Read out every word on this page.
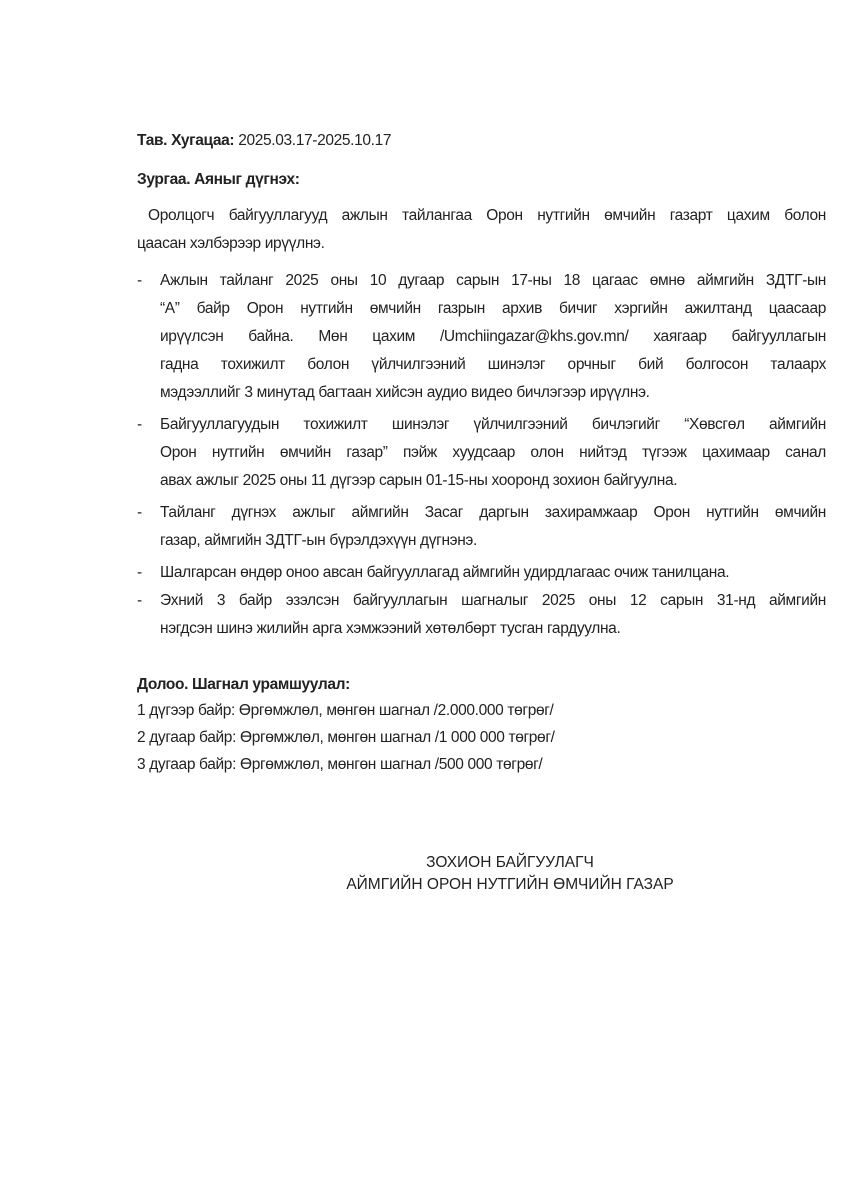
Тав. Хугацаа: 2025.03.17-2025.10.17
Зургаа. Аяныг дүгнэх:
Оролцогч байгууллагууд ажлын тайлангаа Орон нутгийн өмчийн газарт цахим болон
цаасан хэлбэрээр ирүүлнэ.
- Ажлын тайланг 2025 оны 10 дугаар сарын 17-ны 18 цагаас өмнө аймгийн ЗДТГ-ын
“А” байр Орон нутгийн өмчийн газрын архив бичиг хэргийн ажилтанд цаасаар
ирүүлсэн байна. Мөн цахим /Umchiingazar@khs.gov.mn/ хаягаар байгууллагын
гадна тохижилт болон үйлчилгээний шинэлэг орчныг бий болгосон талаарх
мэдээллийг 3 минутад багтаан хийсэн аудио видео бичлэгээр ирүүлнэ.
- Байгууллагуудын тохижилт шинэлэг үйлчилгээний бичлэгийг “Хөвсгөл аймгийн
Орон нутгийн өмчийн газар” пэйж хуудсаар олон нийтэд түгээж цахимаар санал
авах ажлыг 2025 оны 11 дүгээр сарын 01-15-ны хооронд зохион байгуулна.
- Тайланг дүгнэх ажлыг аймгийн Засаг даргын захирамжаар Орон нутгийн өмчийн
газар, аймгийн ЗДТГ-ын бүрэлдэхүүн дүгнэнэ.
- Шалгарсан өндөр оноо авсан байгууллагад аймгийн удирдлагаас очиж танилцана.
- Эхний 3 байр эзэлсэн байгууллагын шагналыг 2025 оны 12 сарын 31-нд аймгийн
нэгдсэн шинэ жилийн арга хэмжээний хөтөлбөрт тусган гардуулна.
Долоо. Шагнал урамшуулал:
1 дүгээр байр: Өргөмжлөл, мөнгөн шагнал /2.000.000 төгрөг/
2 дугаар байр: Өргөмжлөл, мөнгөн шагнал /1 000 000 төгрөг/
3 дугаар байр: Өргөмжлөл, мөнгөн шагнал /500 000 төгрөг/
ЗОХИОН БАЙГУУЛАГЧ
АЙМГИЙН ОРОН НУТГИЙН ӨМЧИЙН ГАЗАР
